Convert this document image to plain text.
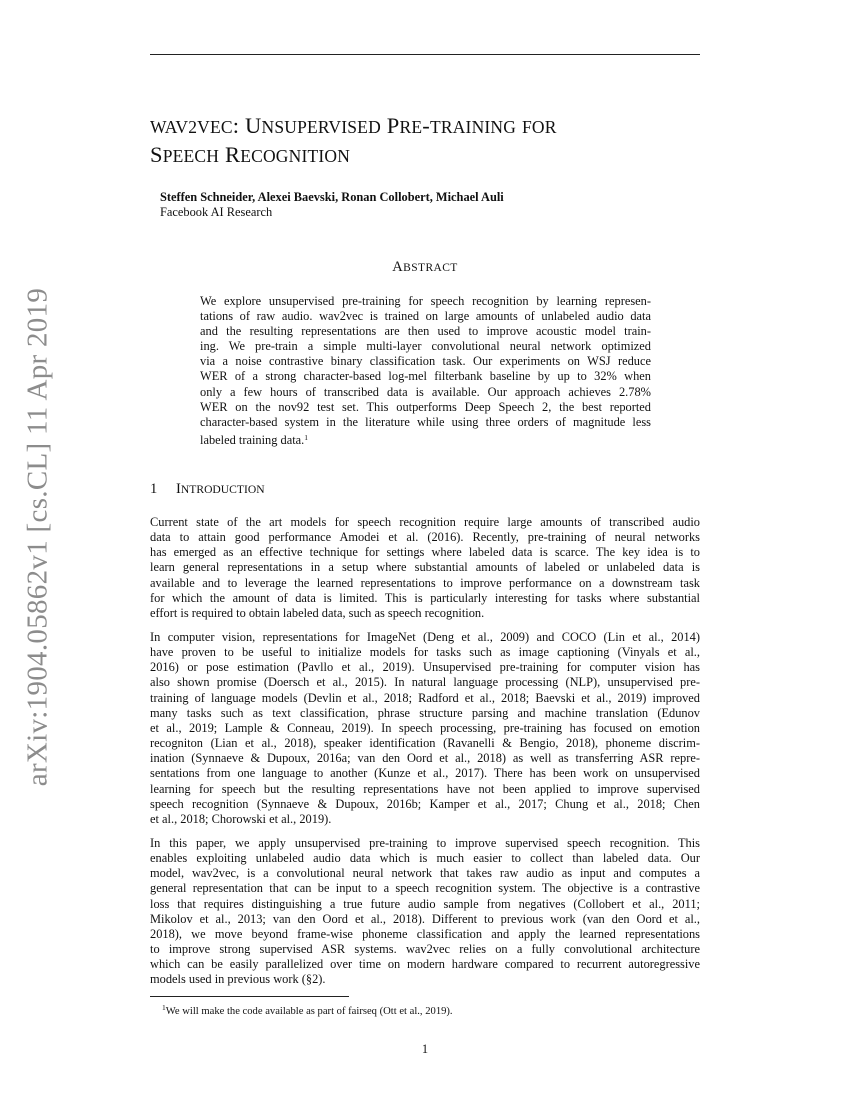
arXiv:1904.05862v1 [cs.CL] 11 Apr 2019
WAV2VEC: UNSUPERVISED PRE-TRAINING FOR
SPEECH RECOGNITION
Steffen Schneider, Alexei Baevski, Ronan Collobert, Michael Auli
Facebook AI Research
ABSTRACT
We explore unsupervised pre-training for speech recognition by learning represen-
tations of raw audio. wav2vec is trained on large amounts of unlabeled audio data
and the resulting representations are then used to improve acoustic model train-
ing. We pre-train a simple multi-layer convolutional neural network optimized
via a noise contrastive binary classification task. Our experiments on WSJ reduce
WER of a strong character-based log-mel filterbank baseline by up to 32% when
only a few hours of transcribed data is available. Our approach achieves 2.78%
WER on the nov92 test set. This outperforms Deep Speech 2, the best reported
character-based system in the literature while using three orders of magnitude less
labeled training data.$^1$
1 INTRODUCTION
Current state of the art models for speech recognition require large amounts of transcribed audio
data to attain good performance Amodei et al. (2016). Recently, pre-training of neural networks
has emerged as an effective technique for settings where labeled data is scarce. The key idea is to
learn general representations in a setup where substantial amounts of labeled or unlabeled data is
available and to leverage the learned representations to improve performance on a downstream task
for which the amount of data is limited. This is particularly interesting for tasks where substantial
effort is required to obtain labeled data, such as speech recognition.
In computer vision, representations for ImageNet (Deng et al., 2009) and COCO (Lin et al., 2014)
have proven to be useful to initialize models for tasks such as image captioning (Vinyals et al.,
2016) or pose estimation (Pavllo et al., 2019). Unsupervised pre-training for computer vision has
also shown promise (Doersch et al., 2015). In natural language processing (NLP), unsupervised pre-
training of language models (Devlin et al., 2018; Radford et al., 2018; Baevski et al., 2019) improved
many tasks such as text classification, phrase structure parsing and machine translation (Edunov
et al., 2019; Lample & Conneau, 2019). In speech processing, pre-training has focused on emotion
recogniton (Lian et al., 2018), speaker identification (Ravanelli & Bengio, 2018), phoneme discrim-
ination (Synnaeve & Dupoux, 2016a; van den Oord et al., 2018) as well as transferring ASR repre-
sentations from one language to another (Kunze et al., 2017). There has been work on unsupervised
learning for speech but the resulting representations have not been applied to improve supervised
speech recognition (Synnaeve & Dupoux, 2016b; Kamper et al., 2017; Chung et al., 2018; Chen
et al., 2018; Chorowski et al., 2019).
In this paper, we apply unsupervised pre-training to improve supervised speech recognition. This
enables exploiting unlabeled audio data which is much easier to collect than labeled data. Our
model, wav2vec, is a convolutional neural network that takes raw audio as input and computes a
general representation that can be input to a speech recognition system. The objective is a contrastive
loss that requires distinguishing a true future audio sample from negatives (Collobert et al., 2011;
Mikolov et al., 2013; van den Oord et al., 2018). Different to previous work (van den Oord et al.,
2018), we move beyond frame-wise phoneme classification and apply the learned representations
to improve strong supervised ASR systems. wav2vec relies on a fully convolutional architecture
which can be easily parallelized over time on modern hardware compared to recurrent autoregressive
models used in previous work (§2).
$^1$We will make the code available as part of fairseq (Ott et al., 2019).
1
